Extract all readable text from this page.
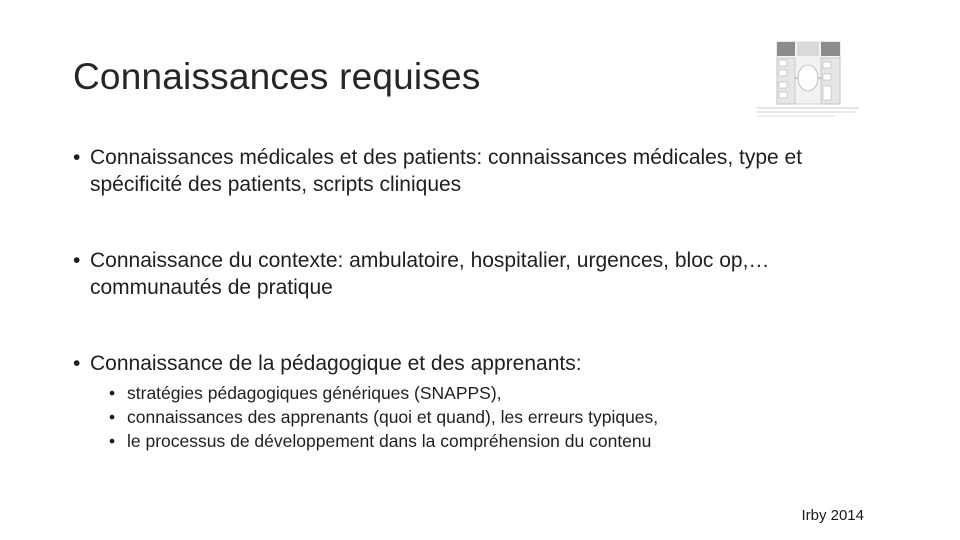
Connaissances requises
• Connaissances médicales et des patients: connaissances médicales, type et spécificité des patients, scripts cliniques
• Connaissance du contexte: ambulatoire, hospitalier, urgences, bloc op,… communautés de pratique
• Connaissance de la pédagogique et des apprenants:
• stratégies pédagogiques génériques (SNAPPS),
• connaissances des apprenants (quoi et quand), les erreurs typiques,
• le processus de développement dans la compréhension du contenu
Irby 2014
